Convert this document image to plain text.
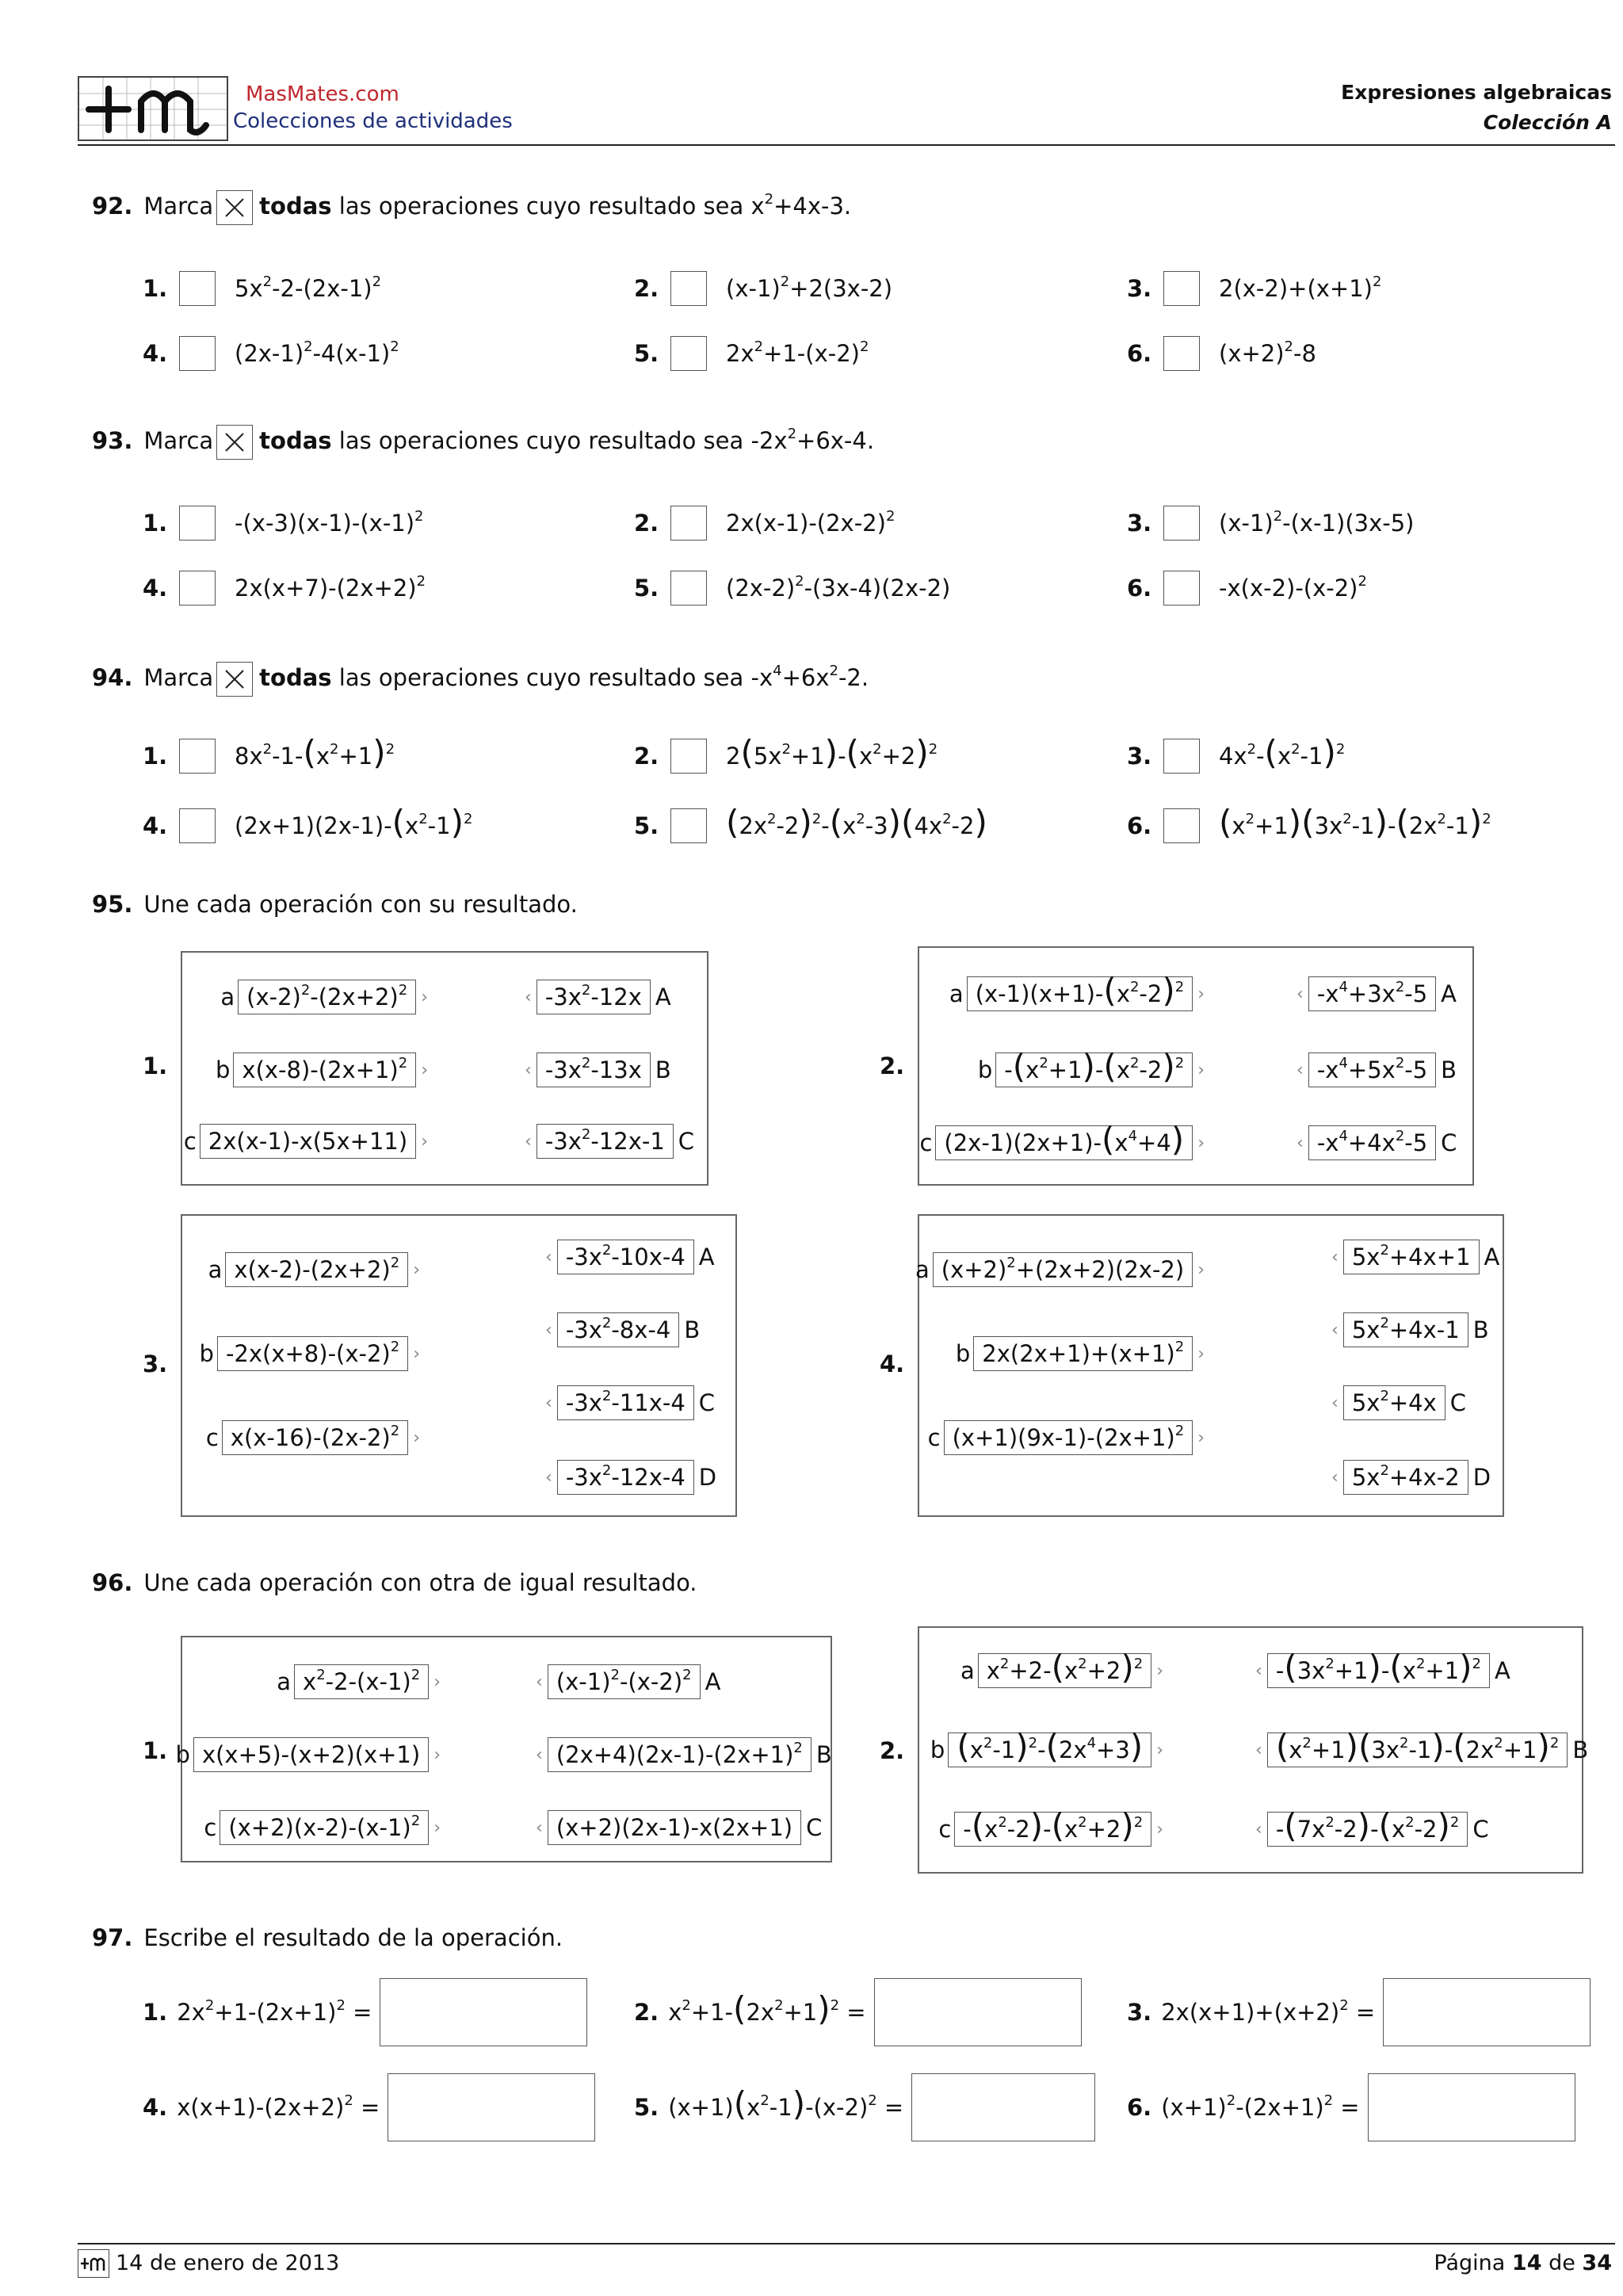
MasMates.com
Colecciones de actividades
Expresiones algebraicas
Colección A
92. Marca todas las operaciones cuyo resultado sea $x^2+4x-3$.
1.	$5x^2-2-(2x-1)^2$	2.	$(x-1)^2+2(3x-2)$	3.	$2(x-2)+(x+1)^2$
4.	$(2x-1)^2-4(x-1)^2$	5.	$2x^2+1-(x-2)^2$	6.	$(x+2)^2-8$
93. Marca todas las operaciones cuyo resultado sea $-2x^2+6x-4$.
1.	$-(x-3)(x-1)-(x-1)^2$	2.	$2x(x-1)-(2x-2)^2$	3.	$(x-1)^2-(x-1)(3x-5)$
4.	$2x(x+7)-(2x+2)^2$	5.	$(2x-2)^2-(3x-4)(2x-2)$	6.	$-x(x-2)-(x-2)^2$
94. Marca todas las operaciones cuyo resultado sea $-x^4+6x^2-2$.
1.	$8x^2-1-(x^2+1)^2$	2.	$2(5x^2+1)-(x^2+2)^2$	3.	$4x^2-(x^2-1)^2$
4.	$(2x+1)(2x-1)-(x^2-1)^2$	5.	$(2x^2-2)^2-(x^2-3)(4x^2-2)$	6.	$(x^2+1)(3x^2-1)-(2x^2-1)^2$
95. Une cada operación con su resultado.
1.
a $(x-2)^2-(2x+2)^2$ ›
b $x(x-8)-(2x+1)^2$ ›
c 2x(x-1)-x(5x+11) ›
‹ $-3x^2-12x$ A
‹ $-3x^2-13x$ B
‹ $-3x^2-12x-1$ C
2.
a $(x-1)(x+1)-(x^2-2)^2$ ›
b $-(x^2+1)-(x^2-2)^2$ ›
c $(2x-1)(2x+1)-(x^4+4)$ ›
‹ $-x^4+3x^2-5$ A
‹ $-x^4+5x^2-5$ B
‹ $-x^4+4x^2-5$ C
3.
a $x(x-2)-(2x+2)^2$ ›
b $-2x(x+8)-(x-2)^2$ ›
c $x(x-16)-(2x-2)^2$ ›
‹ $-3x^2-10x-4$ A
‹ $-3x^2-8x-4$ B
‹ $-3x^2-11x-4$ C
‹ $-3x^2-12x-4$ D
4.
a $(x+2)^2+(2x+2)(2x-2)$ ›
b $2x(2x+1)+(x+1)^2$ ›
c $(x+1)(9x-1)-(2x+1)^2$ ›
‹ $5x^2+4x+1$ A
‹ $5x^2+4x-1$ B
‹ $5x^2+4x$ C
‹ $5x^2+4x-2$ D
96. Une cada operación con otra de igual resultado.
1.
a $x^2-2-(x-1)^2$ ›
b x(x+5)-(x+2)(x+1) ›
c $(x+2)(x-2)-(x-1)^2$ ›
‹ $(x-1)^2-(x-2)^2$ A
‹ $(2x+4)(2x-1)-(2x+1)^2$ B
‹ (x+2)(2x-1)-x(2x+1) C
2.
a $x^2+2-(x^2+2)^2$ ›
b $(x^2-1)^2-(2x^4+3)$ ›
c $-(x^2-2)-(x^2+2)^2$ ›
‹ $-(3x^2+1)-(x^2+1)^2$ A
‹ $(x^2+1)(3x^2-1)-(2x^2+1)^2$ B
‹ $-(7x^2-2)-(x^2-2)^2$ C
97. Escribe el resultado de la operación.
1. $2x^2+1-(2x+1)^2$ =	2. $x^2+1-(2x^2+1)^2$ =	3. $2x(x+1)+(x+2)^2$ =
4. $x(x+1)-(2x+2)^2$ =	5. $(x+1)(x^2-1)-(x-2)^2$ =	6. $(x+1)^2-(2x+1)^2$ =
14 de enero de 2013	Página 14 de 34
